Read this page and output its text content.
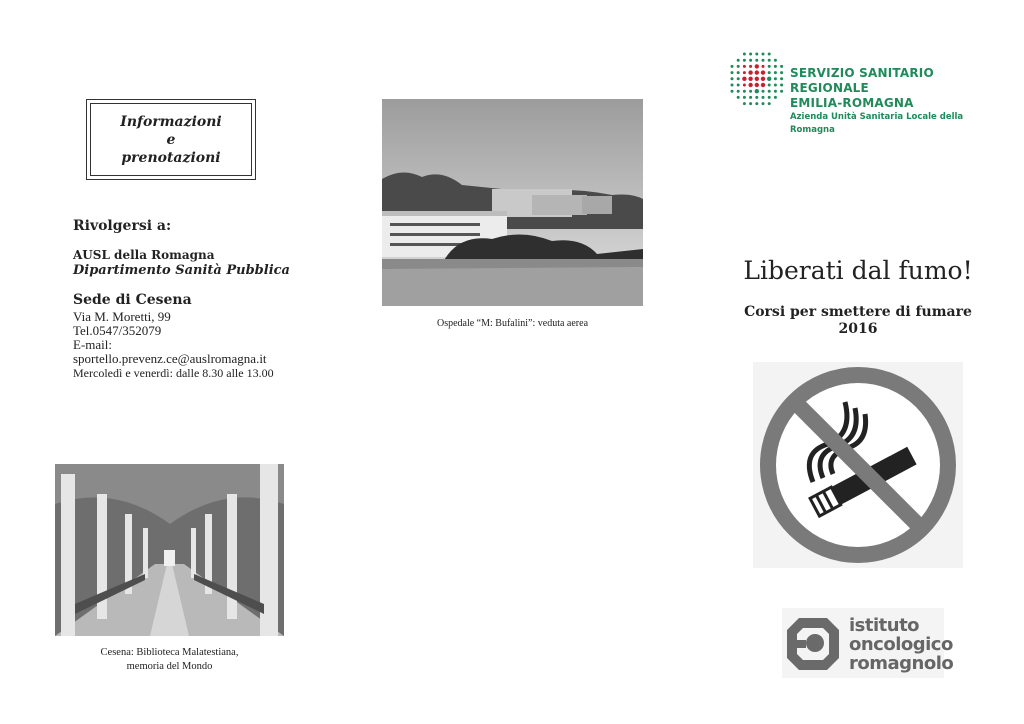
Informazioni
e
prenotazioni
Rivolgersi a:
AUSL della Romagna
Dipartimento Sanità Pubblica
Sede di Cesena
Via M. Moretti, 99
Tel.0547/352079
E-mail:
sportello.prevenz.ce@auslromagna.it
Mercoledì e venerdì: dalle 8.30 alle 13.00
Ospedale “M: Bufalini”: veduta aerea
Cesena: Biblioteca Malatestiana,
memoria del Mondo
SERVIZIO SANITARIO REGIONALE
EMILIA-ROMAGNA
Azienda Unità Sanitaria Locale della Romagna
Liberati dal fumo!
Corsi per smettere di fumare
2016
istituto
oncologico
romagnolo
